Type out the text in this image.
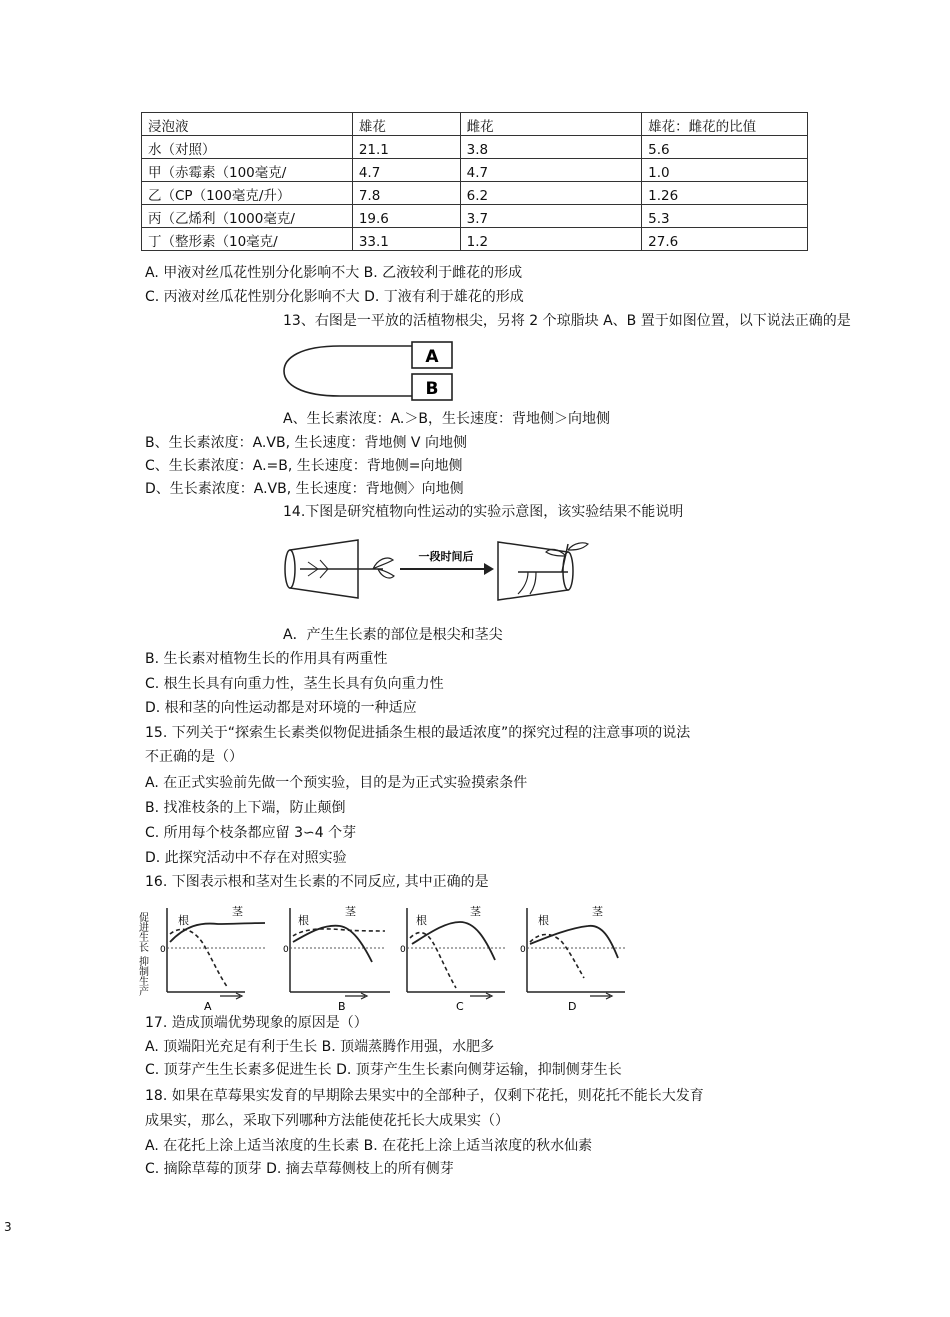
浸泡液	雄花	雌花	雄花：雌花的比值
水（对照）	21.1	3.8	5.6
甲（赤霉素（100毫克/	4.7	4.7	1.0
乙（CP（100毫克/升）	7.8	6.2	1.26
丙（乙烯利（1000毫克/	19.6	3.7	5.3
丁（整形素（10毫克/	33.1	1.2	27.6
A. 甲液对丝瓜花性别分化影响不大 B. 乙液较利于雌花的形成
C. 丙液对丝瓜花性别分化影响不大 D. 丁液有利于雄花的形成
13、右图是一平放的活植物根尖，另将 2 个琼脂块 A、B 置于如图位置，以下说法正确的是
A
B
A、生长素浓度：A.＞B，生长速度：背地侧＞向地侧
B、生长素浓度：A.VB, 生长速度：背地侧 V 向地侧
C、生长素浓度：A.=B, 生长速度：背地侧=向地侧
D、生长素浓度：A.VB, 生长速度：背地侧〉向地侧
14.下图是研究植物向性运动的实验示意图，该实验结果不能说明
一段时间后
A．产生生长素的部位是根尖和茎尖
B. 生长素对植物生长的作用具有两重性
C. 根生长具有向重力性，茎生长具有负向重力性
D. 根和茎的向性运动都是对环境的一种适应
15. 下列关于“探索生长素类似物促进插条生根的最适浓度”的探究过程的注意事项的说法
不正确的是（）
A. 在正式实验前先做一个预实验，目的是为正式实验摸索条件
B. 找准枝条的上下端，防止颠倒
C. 所用每个枝条都应留 3∽4 个芽
D. 此探究活动中不存在对照实验
16. 下图表示根和茎对生长素的不同反应, 其中正确的是
促进生长
抑制生产
根
茎
0
A
根
茎
0
B
根
茎
0
C
根
茎
0
D
17. 造成顶端优势现象的原因是（）
A. 顶端阳光充足有利于生长 B. 顶端蒸腾作用强，水肥多
C. 顶芽产生生长素多促进生长 D. 顶芽产生生长素向侧芽运输，抑制侧芽生长
18. 如果在草莓果实发育的早期除去果实中的全部种子，仅剩下花托，则花托不能长大发育
成果实，那么，采取下列哪种方法能使花托长大成果实（）
A. 在花托上涂上适当浓度的生长素 B. 在花托上涂上适当浓度的秋水仙素
C. 摘除草莓的顶芽 D. 摘去草莓侧枝上的所有侧芽
3
